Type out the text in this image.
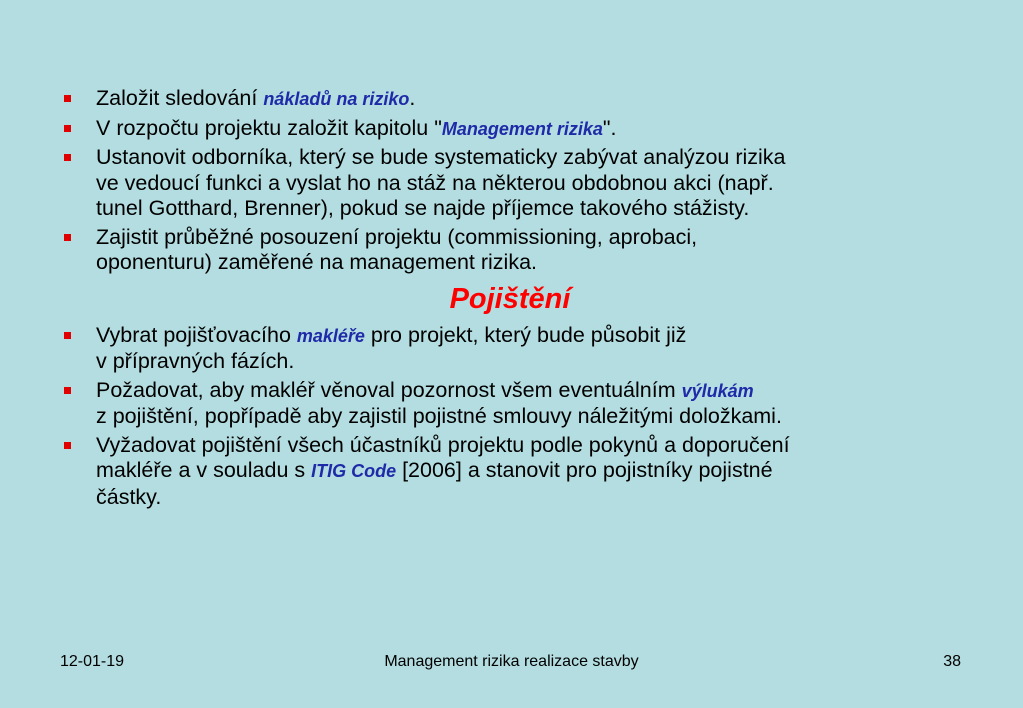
Založit sledování nákladů na riziko.
V rozpočtu projektu založit kapitolu "Management rizika".
Ustanovit odborníka, který se bude systematicky zabývat analýzou rizika
ve vedoucí funkci a vyslat ho na stáž na některou obdobnou akci (např.
tunel Gotthard, Brenner), pokud se najde příjemce takového stážisty.
Zajistit průběžné posouzení projektu (commissioning, aprobaci,
oponenturu) zaměřené na management rizika.
Pojištění
Vybrat pojišťovacího makléře pro projekt, který bude působit již
v přípravných fázích.
Požadovat, aby makléř věnoval pozornost všem eventuálním výlukám
z pojištění, popřípadě aby zajistil pojistné smlouvy náležitými doložkami.
Vyžadovat pojištění všech účastníků projektu podle pokynů a doporučení
makléře a v souladu s ITIG Code [2006] a stanovit pro pojistníky pojistné
částky.
12-01-19	Management rizika realizace stavby	38
